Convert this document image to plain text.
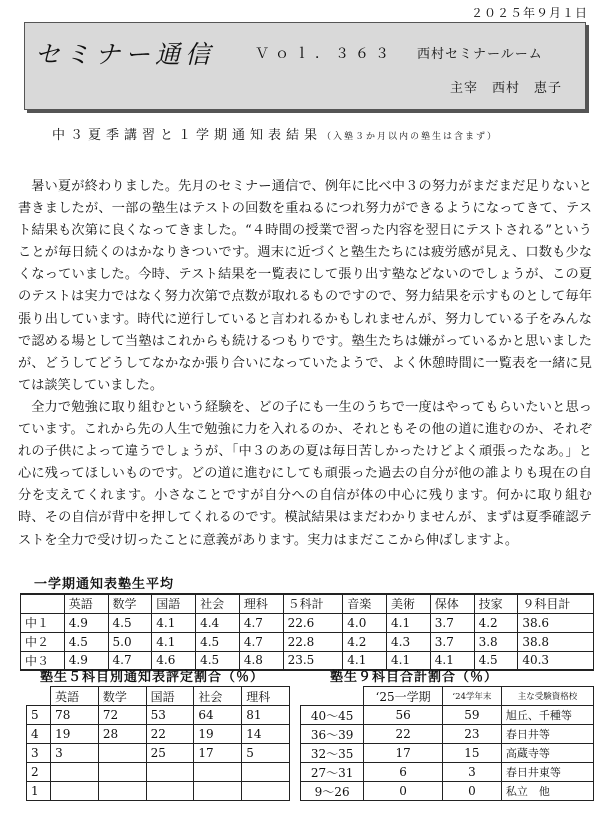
２０２５年９月１日
セミナー通信	Ｖｏｌ．３６３ 西村セミナールーム
主宰　西村　恵子
中３夏季講習と１学期通知表結果（入塾３か月以内の塾生は含まず）

暑い夏が終わりました。先月のセミナー通信で、例年に比べ中３の努力がまだまだ足りないと書きましたが、一部の塾生はテストの回数を重ねるにつれ努力ができるようになってきて、テスト結果も次第に良くなってきました。“４時間の授業で習った内容を翌日にテストされる”ということが毎日続くのはかなりきついです。週末に近づくと塾生たちには疲労感が見え、口数も少なくなっていました。今時、テスト結果を一覧表にして張り出す塾などないのでしょうが、この夏のテストは実力ではなく努力次第で点数が取れるものですので、努力結果を示すものとして毎年張り出しています。時代に逆行していると言われるかもしれませんが、努力している子をみんなで認める場として当塾はこれからも続けるつもりです。塾生たちは嫌がっているかと思いましたが、どうしてどうしてなかなか張り合いになっていたようで、よく休憩時間に一覧表を一緒に見ては談笑していました。

全力で勉強に取り組むという経験を、どの子にも一生のうちで一度はやってもらいたいと思っています。これから先の人生で勉強に力を入れるのか、それともその他の道に進むのか、それぞれの子供によって違うでしょうが、「中３のあの夏は毎日苦しかったけどよく頑張ったなあ。」と心に残ってほしいものです。どの道に進むにしても頑張った過去の自分が他の誰よりも現在の自分を支えてくれます。小さなことですが自分への自信が体の中心に残ります。何かに取り組む時、その自信が背中を押してくれるのです。模試結果はまだわかりませんが、まずは夏季確認テストを全力で受け切ったことに意義があります。実力はまだここから伸ばしますよ。

一学期通知表塾生平均
	英語	数学	国語	社会	理科	５科計	音楽	美術	保体	技家	９科目計
中１	4.9	4.5	4.1	4.4	4.7	22.6	4.0	4.1	3.7	4.2	38.6
中２	4.5	5.0	4.1	4.5	4.7	22.8	4.2	4.3	3.7	3.8	38.8
中３	4.9	4.7	4.6	4.5	4.8	23.5	4.1	4.1	4.1	4.5	40.3
塾生５科目別通知表評定割合（％）
	英語	数学	国語	社会	理科
5	78	72	53	64	81
4	19	28	22	19	14
3	3		25	17	5
2					
1					
塾生９科目合計割合（％）
	‘25一学期	‘24学年末	主な受験資格校
40～45	56	59	旭丘、千種等
36～39	22	23	春日井等
32～35	17	15	高蔵寺等
27～31	6	3	春日井東等
9～26	0	0	私立　他
